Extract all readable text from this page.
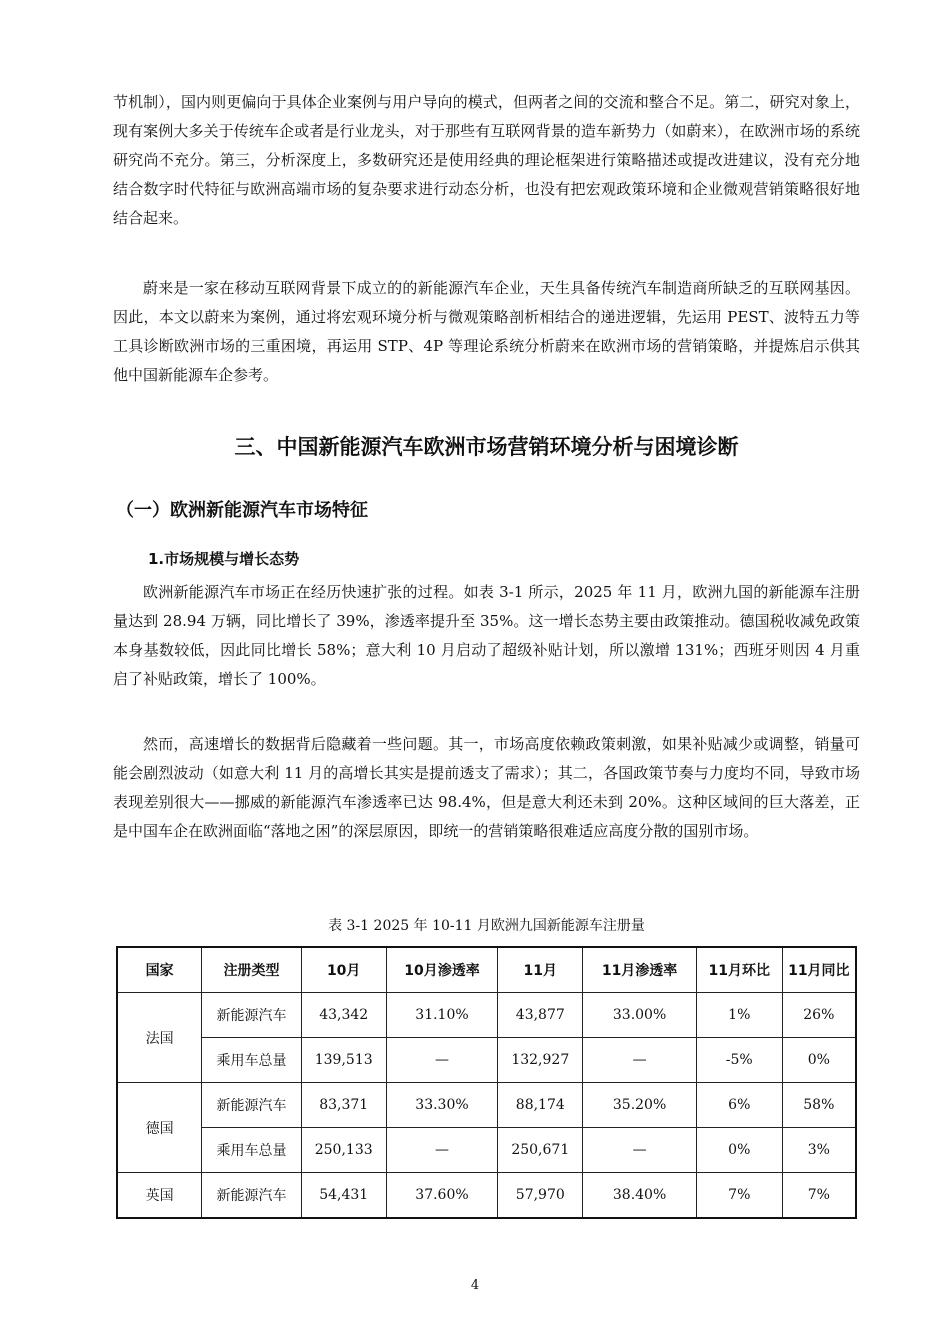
节机制），国内则更偏向于具体企业案例与用户导向的模式，但两者之间的交流和整合不足。第二，研究对象上，现有案例大多关于传统车企或者是行业龙头，对于那些有互联网背景的造车新势力（如蔚来），在欧洲市场的系统研究尚不充分。第三，分析深度上，多数研究还是使用经典的理论框架进行策略描述或提改进建议，没有充分地结合数字时代特征与欧洲高端市场的复杂要求进行动态分析，也没有把宏观政策环境和企业微观营销策略很好地结合起来。

蔚来是一家在移动互联网背景下成立的的新能源汽车企业，天生具备传统汽车制造商所缺乏的互联网基因。因此，本文以蔚来为案例，通过将宏观环境分析与微观策略剖析相结合的递进逻辑，先运用 PEST、波特五力等工具诊断欧洲市场的三重困境，再运用 STP、4P 等理论系统分析蔚来在欧洲市场的营销策略，并提炼启示供其他中国新能源车企参考。

三、中国新能源汽车欧洲市场营销环境分析与困境诊断
（一）欧洲新能源汽车市场特征
1.市场规模与增长态势

欧洲新能源汽车市场正在经历快速扩张的过程。如表 3-1 所示，2025 年 11 月，欧洲九国的新能源车注册量达到 28.94 万辆，同比增长了 39%，渗透率提升至 35%。这一增长态势主要由政策推动。德国税收减免政策本身基数较低，因此同比增长 58%；意大利 10 月启动了超级补贴计划，所以激增 131%；西班牙则因 4 月重启了补贴政策，增长了 100%。

然而，高速增长的数据背后隐藏着一些问题。其一，市场高度依赖政策刺激，如果补贴减少或调整，销量可能会剧烈波动（如意大利 11 月的高增长其实是提前透支了需求）；其二，各国政策节奏与力度均不同，导致市场表现差别很大——挪威的新能源汽车渗透率已达 98.4%，但是意大利还未到 20%。这种区域间的巨大落差，正是中国车企在欧洲面临“落地之困”的深层原因，即统一的营销策略很难适应高度分散的国别市场。

表 3-1 2025 年 10-11 月欧洲九国新能源车注册量

国家	注册类型	10月	10月渗透率	11月	11月渗透率	11月环比	11月同比
法国	新能源汽车	43,342	31.10%	43,877	33.00%	1%	26%
	乘用车总量	139,513	—	132,927	—	-5%	0%
德国	新能源汽车	83,371	33.30%	88,174	35.20%	6%	58%
	乘用车总量	250,133	—	250,671	—	0%	3%
英国	新能源汽车	54,431	37.60%	57,970	38.40%	7%	7%

4
